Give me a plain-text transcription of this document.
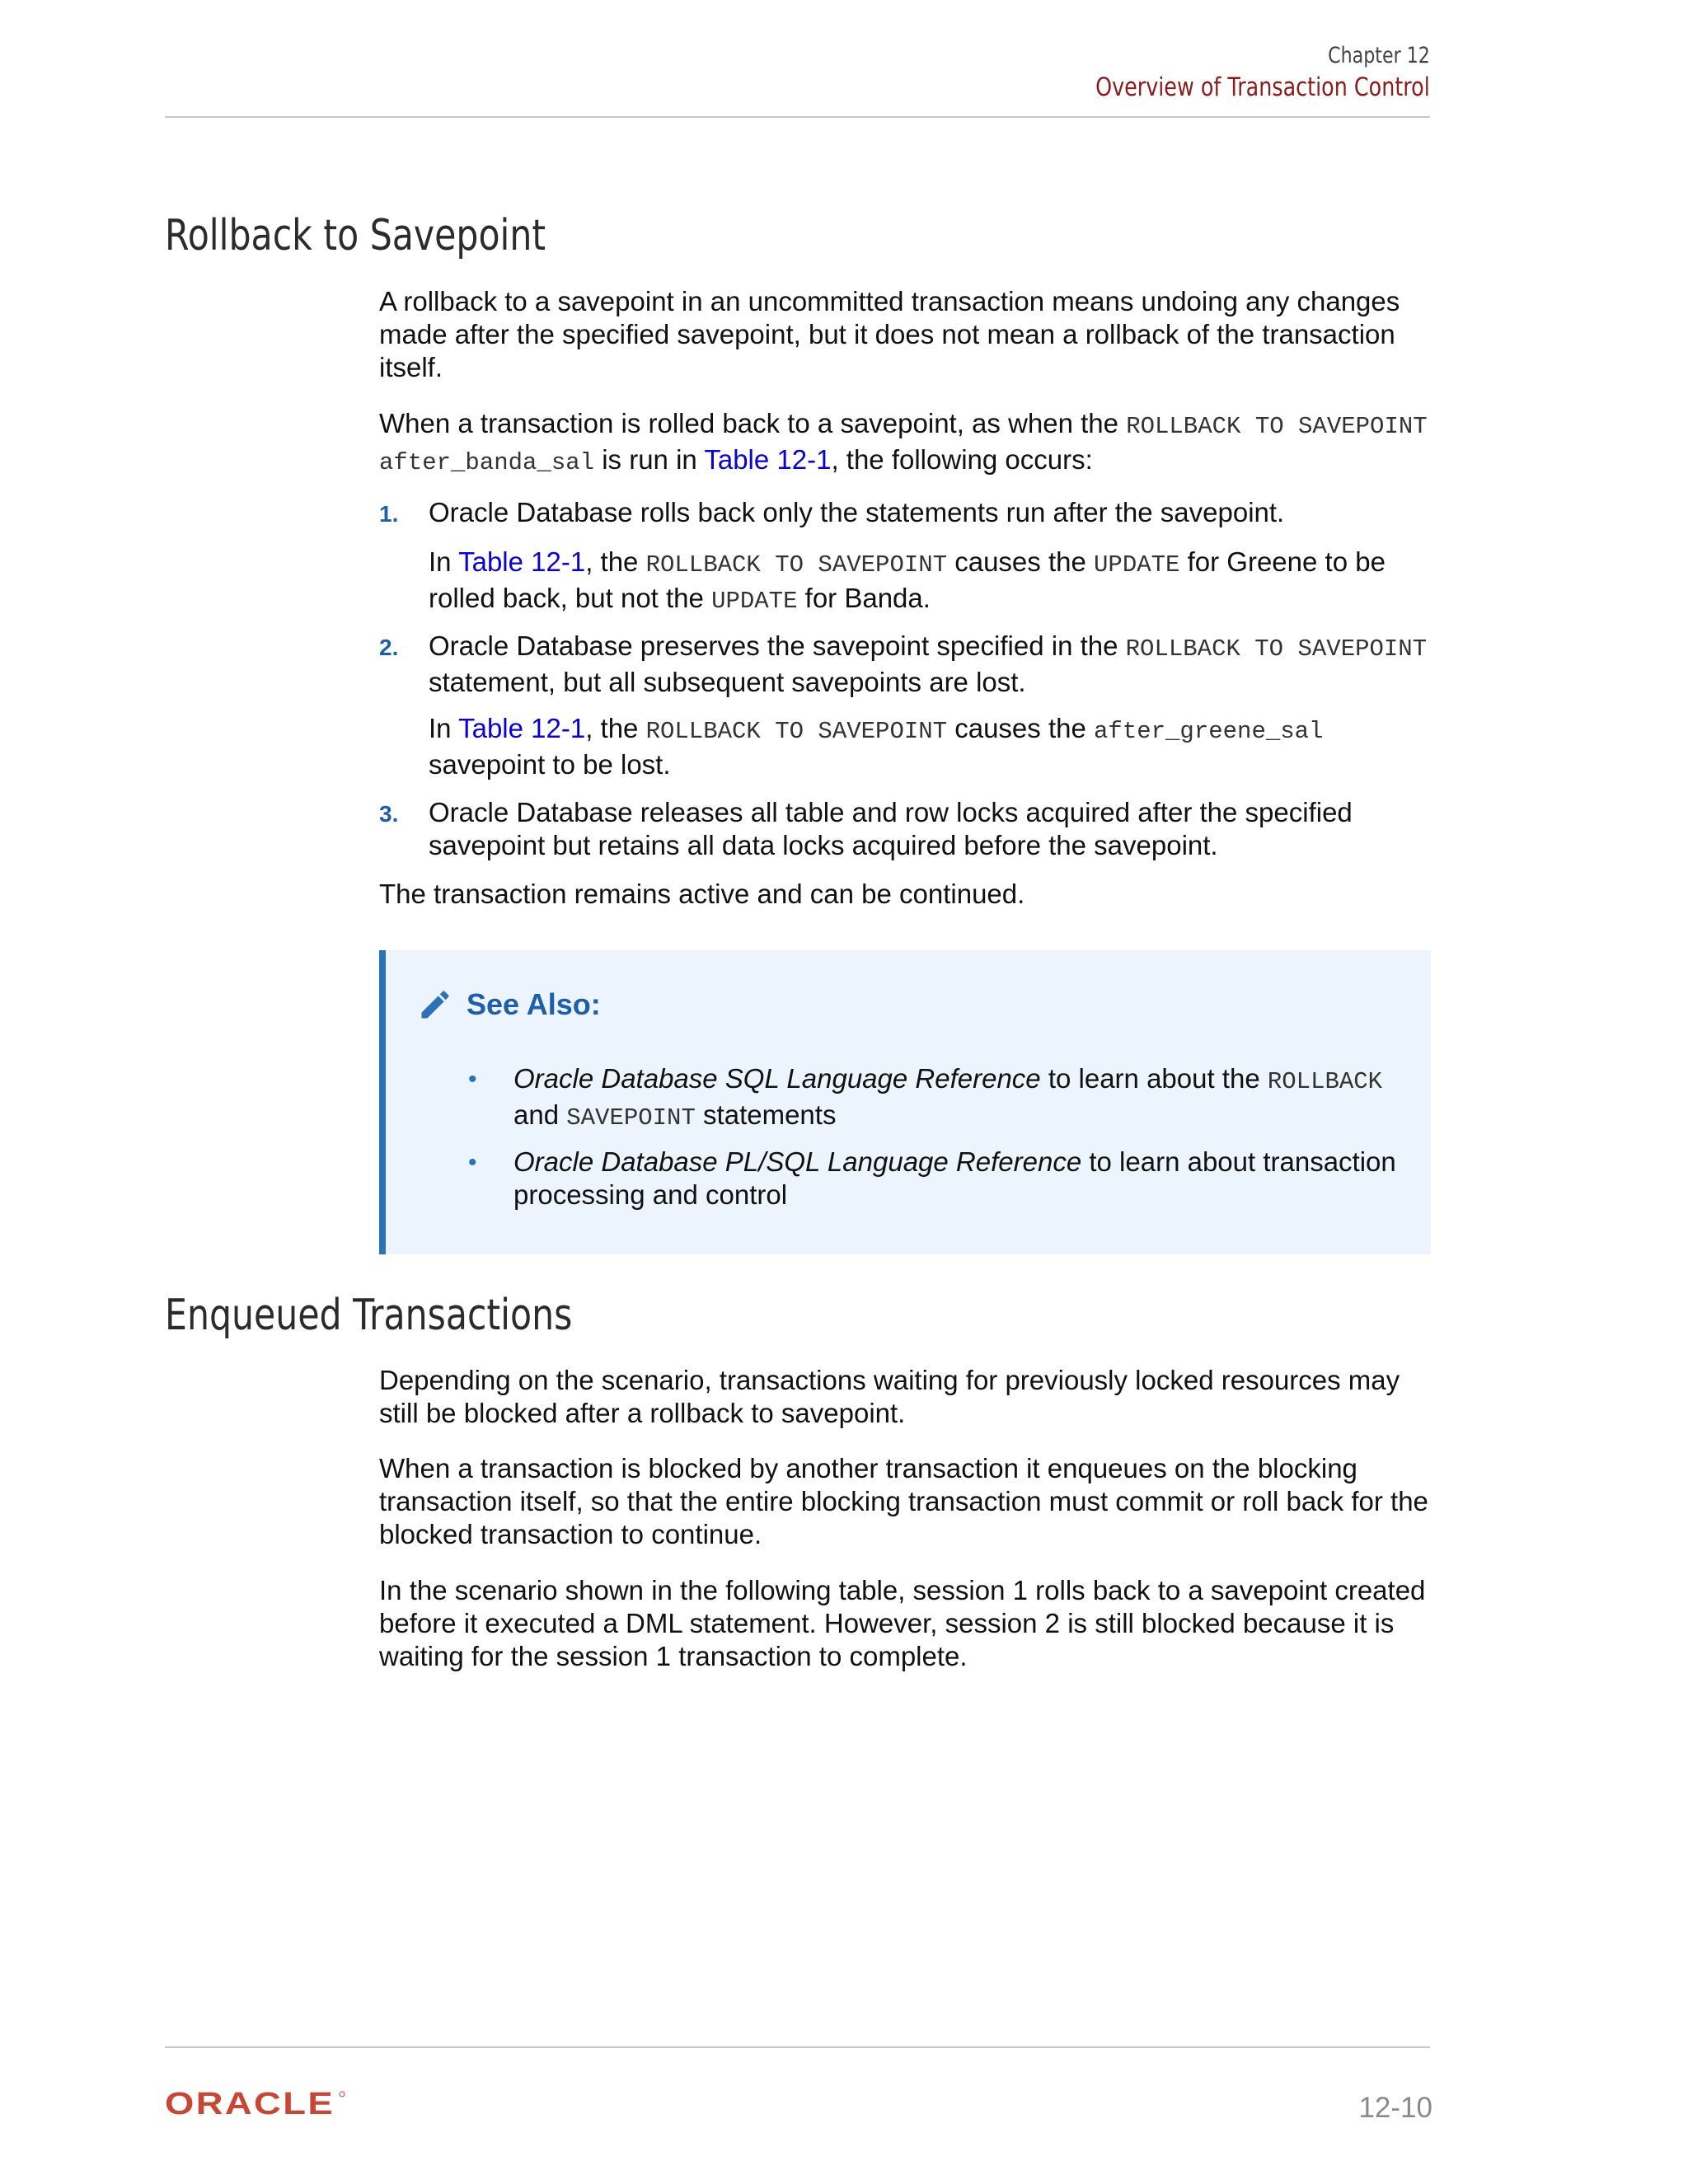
Chapter 12
Overview of Transaction Control
Rollback to Savepoint

A rollback to a savepoint in an uncommitted transaction means undoing any changes made after the specified savepoint, but it does not mean a rollback of the transaction itself.

When a transaction is rolled back to a savepoint, as when the ROLLBACK TO SAVEPOINT
after_banda_sal is run in Table 12-1, the following occurs:

1. Oracle Database rolls back only the statements run after the savepoint.
In Table 12-1, the ROLLBACK TO SAVEPOINT causes the UPDATE for Greene to be rolled back, but not the UPDATE for Banda.
2. Oracle Database preserves the savepoint specified in the ROLLBACK TO SAVEPOINT statement, but all subsequent savepoints are lost.
In Table 12-1, the ROLLBACK TO SAVEPOINT causes the after_greene_sal savepoint to be lost.
3. Oracle Database releases all table and row locks acquired after the specified savepoint but retains all data locks acquired before the savepoint.

The transaction remains active and can be continued.

See Also:
• Oracle Database SQL Language Reference to learn about the ROLLBACK
and SAVEPOINT statements
• Oracle Database PL/SQL Language Reference to learn about transaction processing and control
Enqueued Transactions

Depending on the scenario, transactions waiting for previously locked resources may still be blocked after a rollback to savepoint.

When a transaction is blocked by another transaction it enqueues on the blocking transaction itself, so that the entire blocking transaction must commit or roll back for the blocked transaction to continue.

In the scenario shown in the following table, session 1 rolls back to a savepoint created before it executed a DML statement. However, session 2 is still blocked because it is waiting for the session 1 transaction to complete.

ORACLE	12-10
